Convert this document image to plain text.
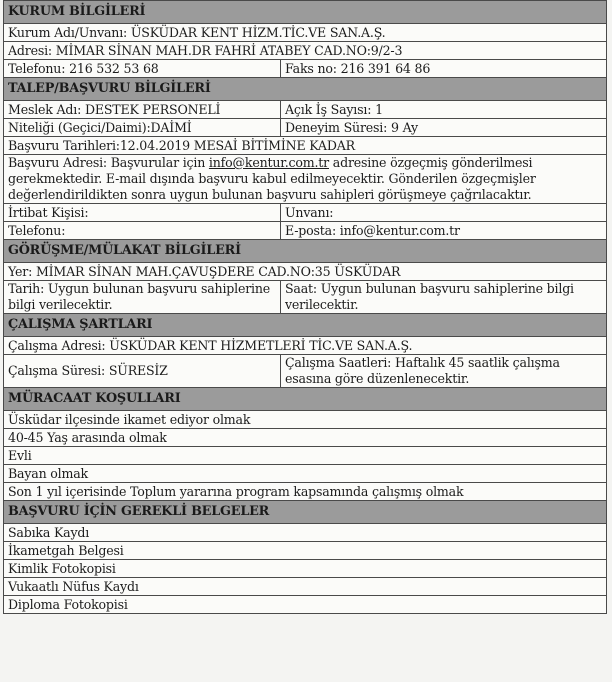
KURUM BİLGİLERİ	
Kurum Adı/Unvanı: ÜSKÜDAR KENT HİZM.TİC.VE SAN.A.Ş.	
Adresi: MİMAR SİNAN MAH.DR FAHRİ ATABEY CAD.NO:9/2-3	
Telefonu: 216 532 53 68	Faks no: 216 391 64 86
TALEP/BAŞVURU BİLGİLERİ	
Meslek Adı: DESTEK PERSONELİ	Açık İş Sayısı: 1
Niteliği (Geçici/Daimi):DAİMİ	Deneyim Süresi: 9 Ay
Başvuru Tarihleri:12.04.2019 MESAİ BİTİMİNE KADAR	
Başvuru Adresi: Başvurular için info@kentur.com.tr adresine özgeçmiş gönderilmesi gerekmektedir. E-mail dışında başvuru kabul edilmeyecektir. Gönderilen özgeçmişler değerlendirildikten sonra uygun bulunan başvuru sahipleri görüşmeye çağrılacaktır.	
İrtibat Kişisi:	Unvanı:
Telefonu:	E-posta: info@kentur.com.tr
GÖRÜŞME/MÜLAKAT BİLGİLERİ	
Yer: MİMAR SİNAN MAH.ÇAVUŞDERE CAD.NO:35 ÜSKÜDAR	
Tarih: Uygun bulunan başvuru sahiplerine bilgi verilecektir.	Saat: Uygun bulunan başvuru sahiplerine bilgi verilecektir.
ÇALIŞMA ŞARTLARI	
Çalışma Adresi: ÜSKÜDAR KENT HİZMETLERİ TİC.VE SAN.A.Ş.	
Çalışma Süresi: SÜRESİZ	Çalışma Saatleri: Haftalık 45 saatlik çalışma esasına göre düzenlenecektir.
MÜRACAAT KOŞULLARI	
Üsküdar ilçesinde ikamet ediyor olmak	
40-45 Yaş arasında olmak	
Evli	
Bayan olmak	
Son 1 yıl içerisinde Toplum yararına program kapsamında çalışmış olmak	
BAŞVURU İÇİN GEREKLİ BELGELER	
Sabıka Kaydı	
İkametgah Belgesi	
Kimlik Fotokopisi	
Vukaatlı Nüfus Kaydı	
Diploma Fotokopisi	
